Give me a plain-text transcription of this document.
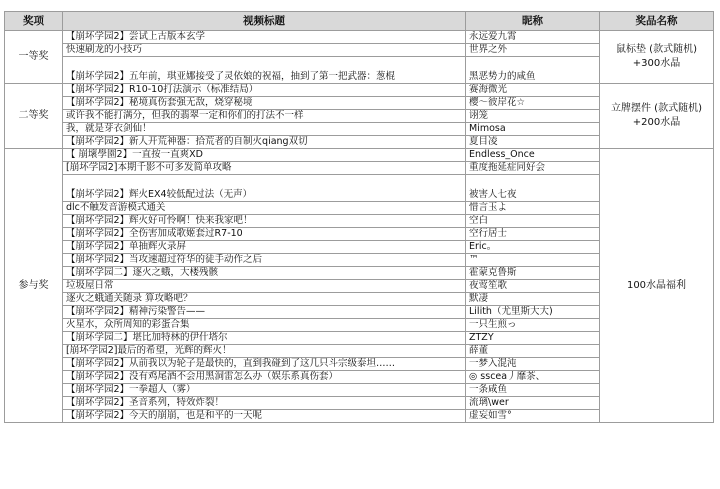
奖项	视频标题	昵称	奖品名称
一等奖	【崩坏学园2】尝试上古版本玄学	永远爱九霄	鼠标垫 (款式随机) +300水晶
	快速刷龙的小技巧	世界之外	
	【崩坏学园2】五年前，琪亚娜接受了灵依娘的祝福，抽到了第一把武器：葱棍	黑恶势力的咸鱼	
二等奖	【崩坏学园2】R10-10打法演示（标准结局）	赛海微光	立牌摆件 (款式随机) +200水晶
	【崩坏学园2】秘境真伤套强无敌，烧穿秘境	樱～彼岸花☆	
	或许我不能打满分，但我的翡翠一定和你们的打法不一样	诩笼	
	我，就是芽衣剑仙！	Mimosa	
	【崩坏学园2】新人开荒神器：拾荒者的自制火qiang双切	夏目凌	
参与奖	【 崩壞學園2】一直按一直爽XD	Endless_Once	100水晶福利
	[崩坏学园2]本期千影不可多发简单攻略	重度拖延症同好会	
	【崩坏学园2】辉火EX4较低配过法（无声）	被害人七夜	
	dlc不触发音游模式通关	惜言玉よ	
	【崩坏学园2】辉火好可怜啊！快来我家吧！	空白	
	【崩坏学园2】全伤害加成歌姬套过R7-10	空行居士	
	【崩坏学园2】单抽辉火录屏	Eric。	
	【崩坏学园2】当攻速超过符华的徒手动作之后	™	
	【崩坏学园二】逐火之蛾，大楼残骸	霍蒙克鲁斯	
	垃圾屋日常	夜莺笙歌	
	逐火之蛾通关随录 算攻略吧？	默凄	
	【崩坏学园2】精神污染警告——	Lilith（尤里斯大大)	
	火星水，众所周知的彩蛋合集	一只生煎っ	
	【崩坏学园二】堪比加特林的伊什塔尔	ZTZY	
	[崩坏学园2]最后的希望，光辉的辉火！	薛董	
	【崩坏学园2】从前我以为轮子是最快的，直到我碰到了这几只斗宗级泰坦……	一梦入混沌	
	【崩坏学园2】没有鸡尾酒不会用黑洞雷怎么办（娱乐系真伤套）	◎ sscea丿靡茶、	
	【崩坏学园2】一拳超人（雾）	一条咸鱼	
	【崩坏学园2】圣音系列，特效炸裂！	流璃\wer	
	【崩坏学园2】今天的崩崩，也是和平的一天呢	虚妄如雪°	
